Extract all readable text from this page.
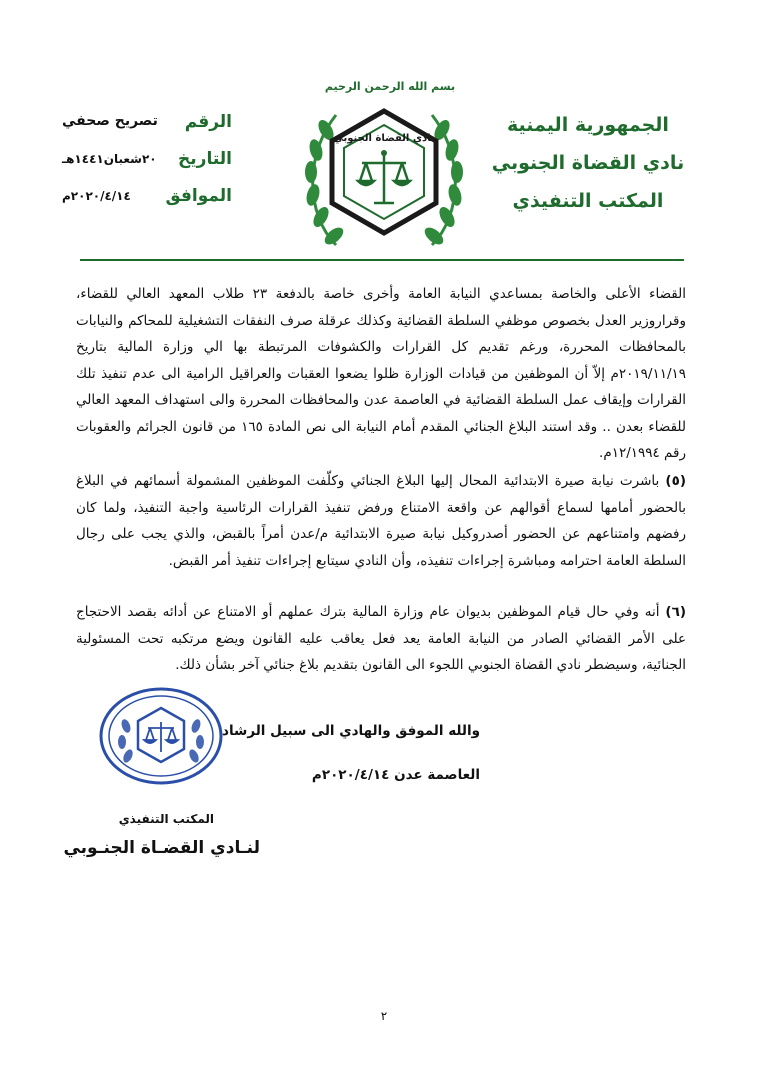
الجمهورية اليمنية
نادي القضاة الجنوبي
المكتب التنفيذي
بسم الله الرحمن الرحيم
نادي القضاة الجنوبي
الرقم
تصريح صحفي
التاريخ
٢٠شعبان١٤٤١هـ
الموافق
٢٠٢٠/٤/١٤م
القضاء الأعلى والخاصة بمساعدي النيابة العامة وأخرى خاصة بالدفعة ٢٣ طلاب المعهد العالي للقضاء، وقراروزير العدل بخصوص موظفي السلطة القضائية وكذلك عرقلة صرف النفقات التشغيلية للمحاكم والنيابات بالمحافظات المحررة، ورغم تقديم كل القرارات والكشوفات المرتبطة بها الي وزارة المالية بتاريخ ٢٠١٩/١١/١٩م إلاّ أن الموظفين من قيادات الوزارة ظلوا يضعوا العقبات والعراقيل الرامية الى عدم تنفيذ تلك القرارات وإيقاف عمل السلطة القضائية في العاصمة عدن والمحافظات المحررة والى استهداف المعهد العالي للقضاء بعدن .. وقد استند البلاغ الجنائي المقدم أمام النيابة الى نص المادة ١٦٥ من قانون الجرائم والعقوبات رقم ١٢/١٩٩٤م.
(٥) باشرت نيابة صيرة الابتدائية المحال إليها البلاغ الجنائي وكلّفت الموظفين المشمولة أسمائهم في البلاغ بالحضور أمامها لسماع أقوالهم عن واقعة الامتناع ورفض تنفيذ القرارات الرئاسية واجبة التنفيذ، ولما كان رفضهم وامتناعهم عن الحضور أصدروكيل نيابة صيرة الابتدائية م/عدن أمراً بالقبض، والذي يجب على رجال السلطة العامة احترامه ومباشرة إجراءات تنفيذه، وأن النادي سيتابع إجراءات تنفيذ أمر القبض.
(٦) أنه وفي حال قيام الموظفين بديوان عام وزارة المالية بترك عملهم أو الامتناع عن أدائه بقصد الاحتجاج على الأمر القضائي الصادر من النيابة العامة يعد فعل يعاقب عليه القانون ويضع مرتكبه تحت المسئولية الجنائية، وسيضطر نادي القضاة الجنوبي اللجوء الى القانون بتقديم بلاغ جنائي آخر بشأن ذلك.
والله الموفق والهادي الى سبيل الرشاد
العاصمة عدن ٢٠٢٠/٤/١٤م
المكتب التنفيذي
لنـادي القضـاة الجنـوبي
٢
